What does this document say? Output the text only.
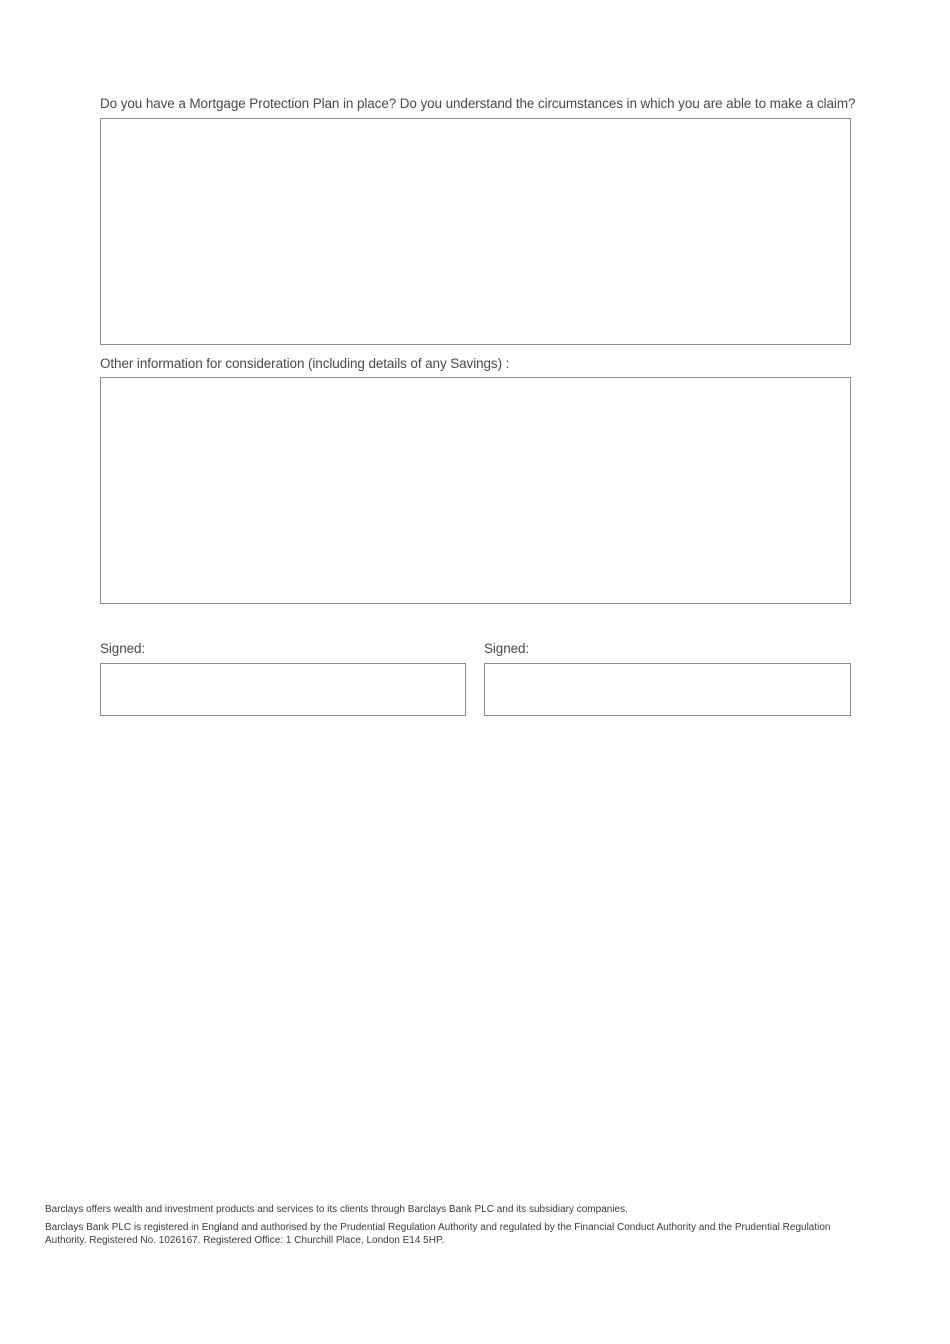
Do you have a Mortgage Protection Plan in place? Do you understand the circumstances in which you are able to make a claim?
Other information for consideration (including details of any Savings) :
Signed:	Signed:
Barclays offers wealth and investment products and services to its clients through Barclays Bank PLC and its subsidiary companies.
Barclays Bank PLC is registered in England and authorised by the Prudential Regulation Authority and regulated by the Financial Conduct Authority and the Prudential Regulation Authority. Registered No. 1026167. Registered Office: 1 Churchill Place, London E14 5HP.
